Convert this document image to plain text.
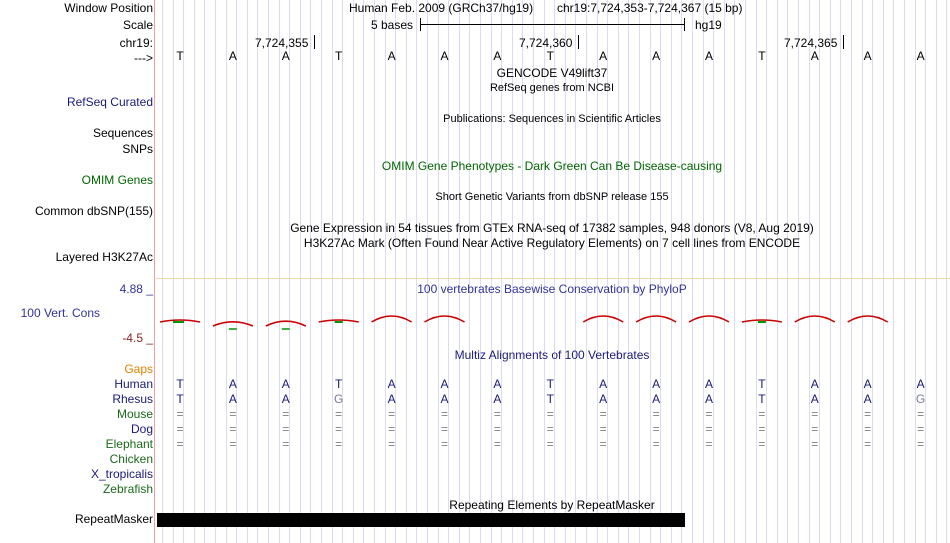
Window Position	Human Feb. 2009 (GRCh37/hg19) chr19:7,724,353-7,724,367 (15 bp)
Scale	5 bases	hg19
chr19:	7,724,355	7,724,360	7,724,365
---> T	A	A	T	A	A	A	T	A	A	A	T	A	A	A
GENCODE V49lift37
RefSeq genes from NCBI
RefSeq Curated
Publications: Sequences in Scientific Articles
Sequences
SNPs
OMIM Gene Phenotypes - Dark Green Can Be Disease-causing
OMIM Genes
Short Genetic Variants from dbSNP release 155
Common dbSNP(155)
Gene Expression in 54 tissues from GTEx RNA-seq of 17382 samples, 948 donors (V8, Aug 2019)
H3K27Ac Mark (Often Found Near Active Regulatory Elements) on 7 cell lines from ENCODE
Layered H3K27Ac
4.88 _	100 vertebrates Basewise Conservation by PhyloP
100 Vert. Cons
-4.5 _
Multiz Alignments of 100 Vertebrates
Gaps
Human T	A	A	T	A	A	A	T	A	A	A	T	A	A	A
Rhesus T	A	A	G	A	A	A	T	A	A	A	T	A	A	G
Mouse =	=	=	=	=	=	=	=	=	=	=	=	=	=	=
Dog =	=	=	=	=	=	=	=	=	=	=	=	=	=	=
Elephant =	=	=	=	=	=	=	=	=	=	=	=	=	=	=
Chicken
X_tropicalis
Zebrafish
Repeating Elements by RepeatMasker
RepeatMasker
